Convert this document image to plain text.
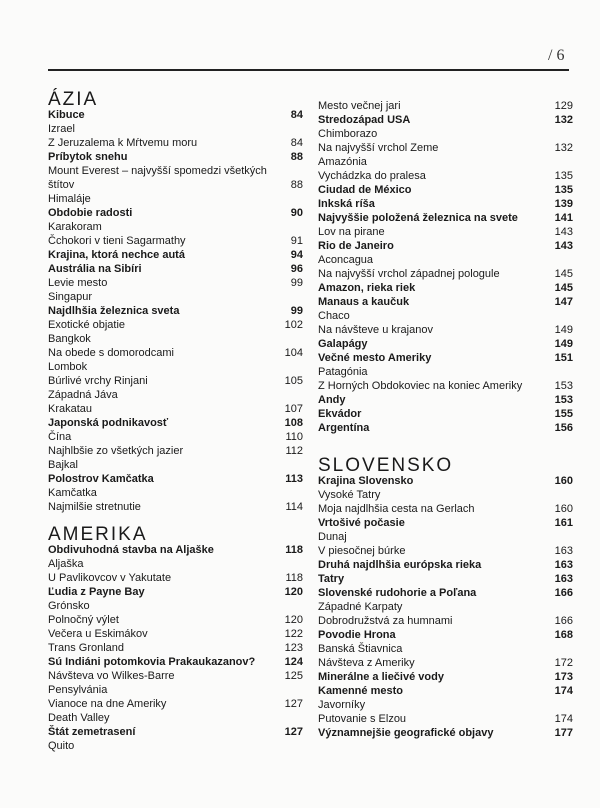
/ 6
ÁZIA
Kibuce	84
Izrael
Z Jeruzalema k Mŕtvemu moru	84
Príbytok snehu	88
Mount Everest – najvyšší spomedzi všetkých štítov	88
Himaláje
Obdobie radosti	90
Karakoram
Čchokori v tieni Sagarmathy	91
Krajina, ktorá nechce autá	94
Austrália na Sibíri	96
Levie mesto	99
Singapur
Najdlhšia železnica sveta	99
Exotické objatie	102
Bangkok
Na obede s domorodcami	104
Lombok
Búrlivé vrchy Rinjani	105
Západná Jáva
Krakatau	107
Japonská podnikavosť	108
Čína	110
Najhlbšie zo všetkých jazier	112
Bajkal
Polostrov Kamčatka	113
Kamčatka
Najmilšie stretnutie	114
AMERIKA
Obdivuhodná stavba na Aljaške	118
Aljaška
U Pavlikovcov v Yakutate	118
Ľudia z Payne Bay	120
Grónsko
Polnočný výlet	120
Večera u Eskimákov	122
Trans Gronland	123
Sú Indiáni potomkovia Prakaukazanov?	124
Návšteva vo Wilkes-Barre	125
Pensylvánia
Vianoce na dne Ameriky	127
Death Valley
Štát zemetrasení	127
Quito
Mesto večnej jari	129
Stredozápad USA	132
Chimborazo
Na najvyšší vrchol Zeme	132
Amazónia
Vychádzka do pralesa	135
Ciudad de México	135
Inkská ríša	139
Najvyššie položená železnica na svete	141
Lov na pirane	143
Rio de Janeiro	143
Aconcagua
Na najvyšší vrchol západnej pologule	145
Amazon, rieka riek	145
Manaus a kaučuk	147
Chaco
Na návšteve u krajanov	149
Galapágy	149
Večné mesto Ameriky	151
Patagónia
Z Horných Obdokoviec na koniec Ameriky	153
Andy	153
Ekvádor	155
Argentína	156
SLOVENSKO
Krajina Slovensko	160
Vysoké Tatry
Moja najdlhšia cesta na Gerlach	160
Vrtošivé počasie	161
Dunaj
V piesočnej búrke	163
Druhá najdlhšia európska rieka	163
Tatry	163
Slovenské rudohorie a Poľana	166
Západné Karpaty
Dobrodružstvá za humnami	166
Povodie Hrona	168
Banská Štiavnica
Návšteva z Ameriky	172
Minerálne a liečivé vody	173
Kamenné mesto	174
Javorníky
Putovanie s Elzou	174
Významnejšie geografické objavy	177
